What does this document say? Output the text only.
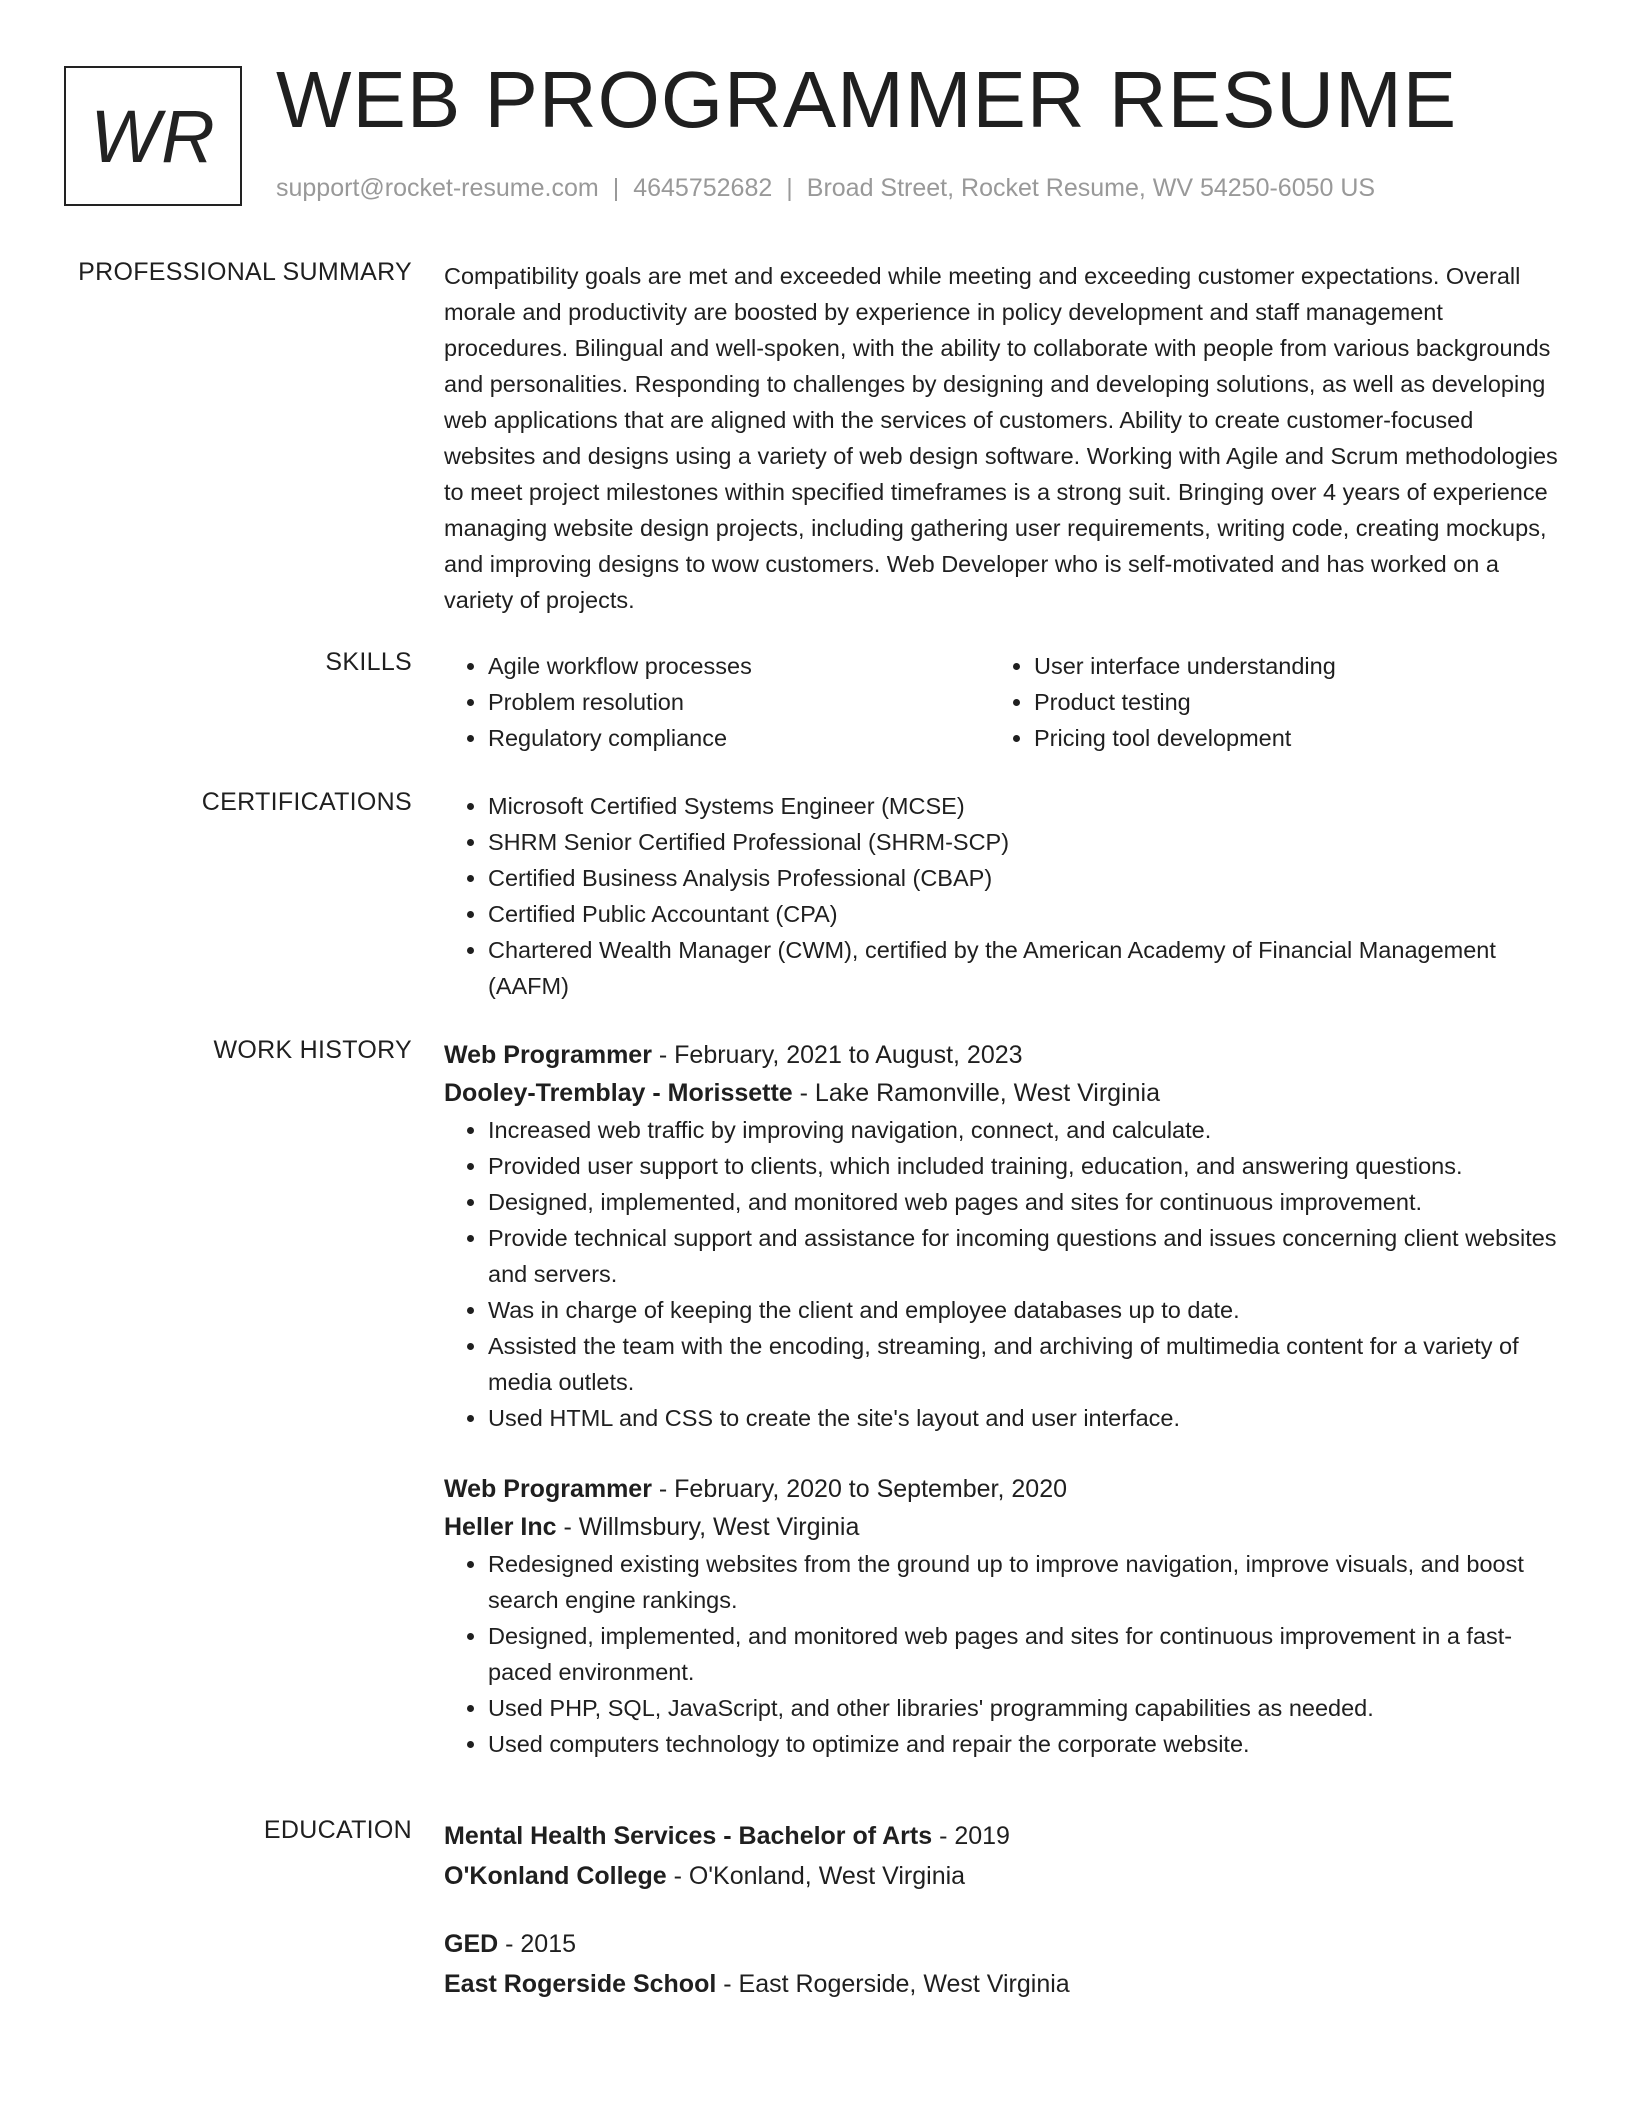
WR WEB PROGRAMMER RESUME
support@rocket-resume.com | 4645752682 | Broad Street, Rocket Resume, WV 54250-6050 US
PROFESSIONAL SUMMARY Compatibility goals are met and exceeded while meeting and exceeding customer expectations. Overall morale and productivity are boosted by experience in policy development and staff management procedures. Bilingual and well-spoken, with the ability to collaborate with people from various backgrounds and personalities. Responding to challenges by designing and developing solutions, as well as developing web applications that are aligned with the services of customers. Ability to create customer-focused websites and designs using a variety of web design software. Working with Agile and Scrum methodologies to meet project milestones within specified timeframes is a strong suit. Bringing over 4 years of experience managing website design projects, including gathering user requirements, writing code, creating mockups, and improving designs to wow customers. Web Developer who is self-motivated and has worked on a variety of projects.

SKILLS	• Agile workflow processes
• Problem resolution
• Regulatory compliance
• User interface understanding
• Product testing
• Pricing tool development
CERTIFICATIONS	• Microsoft Certified Systems Engineer (MCSE)
• SHRM Senior Certified Professional (SHRM-SCP)
• Certified Business Analysis Professional (CBAP)
• Certified Public Accountant (CPA)
• Chartered Wealth Manager (CWM), certified by the American Academy of Financial Management (AAFM)
WORK HISTORY Web Programmer - February, 2021 to August, 2023
Dooley-Tremblay - Morissette - Lake Ramonville, West Virginia
• Increased web traffic by improving navigation, connect, and calculate.
• Provided user support to clients, which included training, education, and answering questions.
• Designed, implemented, and monitored web pages and sites for continuous improvement.
• Provide technical support and assistance for incoming questions and issues concerning client websites and servers.
• Was in charge of keeping the client and employee databases up to date.
• Assisted the team with the encoding, streaming, and archiving of multimedia content for a variety of media outlets.
• Used HTML and CSS to create the site's layout and user interface.
Web Programmer - February, 2020 to September, 2020
Heller Inc - Willmsbury, West Virginia
• Redesigned existing websites from the ground up to improve navigation, improve visuals, and boost search engine rankings.
• Designed, implemented, and monitored web pages and sites for continuous improvement in a fast-paced environment.
• Used PHP, SQL, JavaScript, and other libraries' programming capabilities as needed.
• Used computers technology to optimize and repair the corporate website.
EDUCATION Mental Health Services - Bachelor of Arts - 2019
O'Konland College - O'Konland, West Virginia
GED - 2015
East Rogerside School - East Rogerside, West Virginia
